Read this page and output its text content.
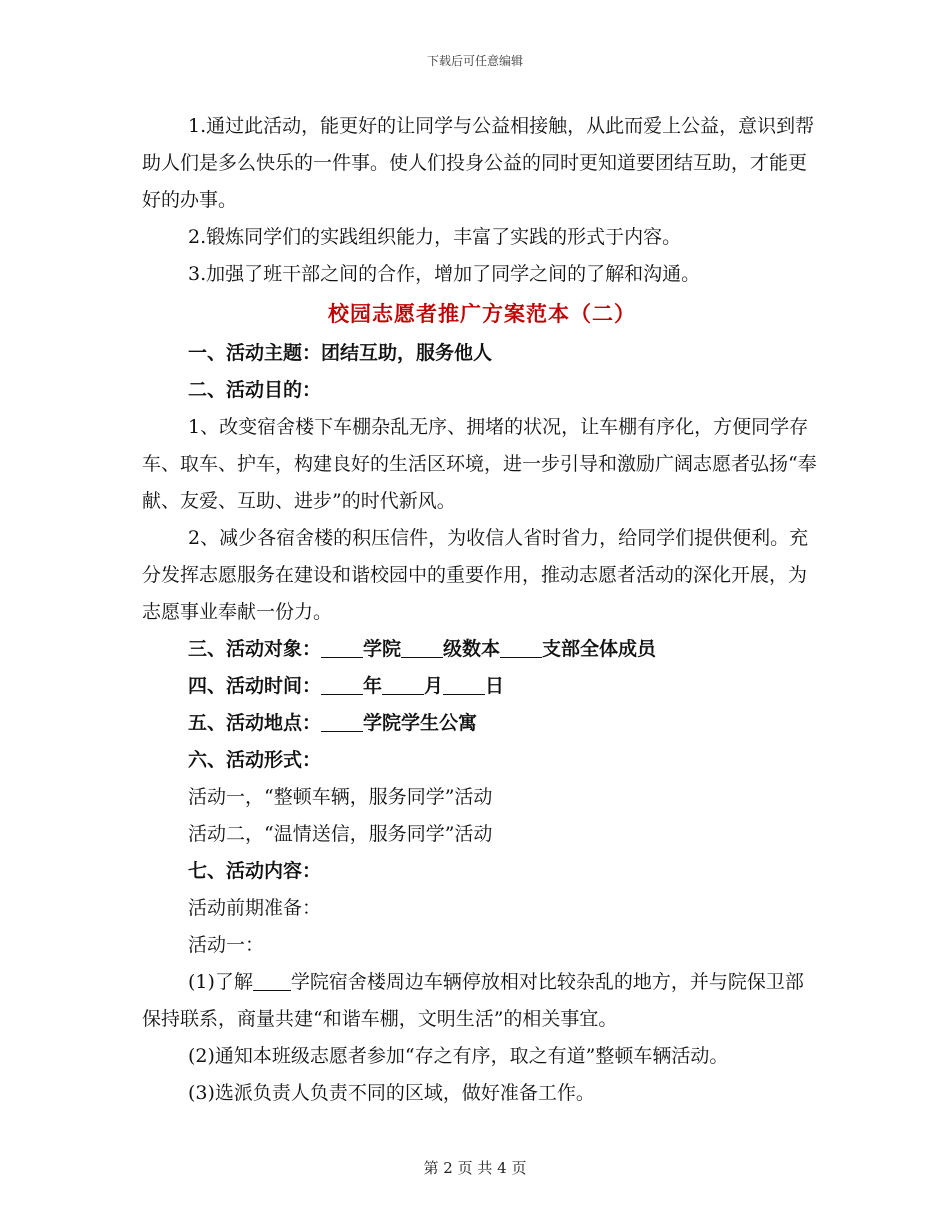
下载后可任意编辑

1.通过此活动，能更好的让同学与公益相接触，从此而爱上公益，意识到帮助人们是多么快乐的一件事。使人们投身公益的同时更知道要团结互助，才能更好的办事。

2.锻炼同学们的实践组织能力，丰富了实践的形式于内容。

3.加强了班干部之间的合作，增加了同学之间的了解和沟通。

校园志愿者推广方案范本（二）

一、活动主题：团结互助，服务他人

二、活动目的：

1、改变宿舍楼下车棚杂乱无序、拥堵的状况，让车棚有序化，方便同学存车、取车、护车，构建良好的生活区环境，进一步引导和激励广阔志愿者弘扬“奉献、友爱、互助、进步”的时代新风。

2、减少各宿舍楼的积压信件，为收信人省时省力，给同学们提供便利。充分发挥志愿服务在建设和谐校园中的重要作用，推动志愿者活动的深化开展，为志愿事业奉献一份力。

三、活动对象： 学院 级数本 支部全体成员

四、活动时间： 年 月 日

五、活动地点： 学院学生公寓

六、活动形式：

活动一，“整顿车辆，服务同学”活动

活动二，“温情送信，服务同学”活动

七、活动内容：

活动前期准备：

活动一：

(1)了解 学院宿舍楼周边车辆停放相对比较杂乱的地方，并与院保卫部保持联系，商量共建“和谐车棚，文明生活”的相关事宜。

(2)通知本班级志愿者参加“存之有序，取之有道”整顿车辆活动。

(3)选派负责人负责不同的区域，做好准备工作。

第 2 页 共 4 页
